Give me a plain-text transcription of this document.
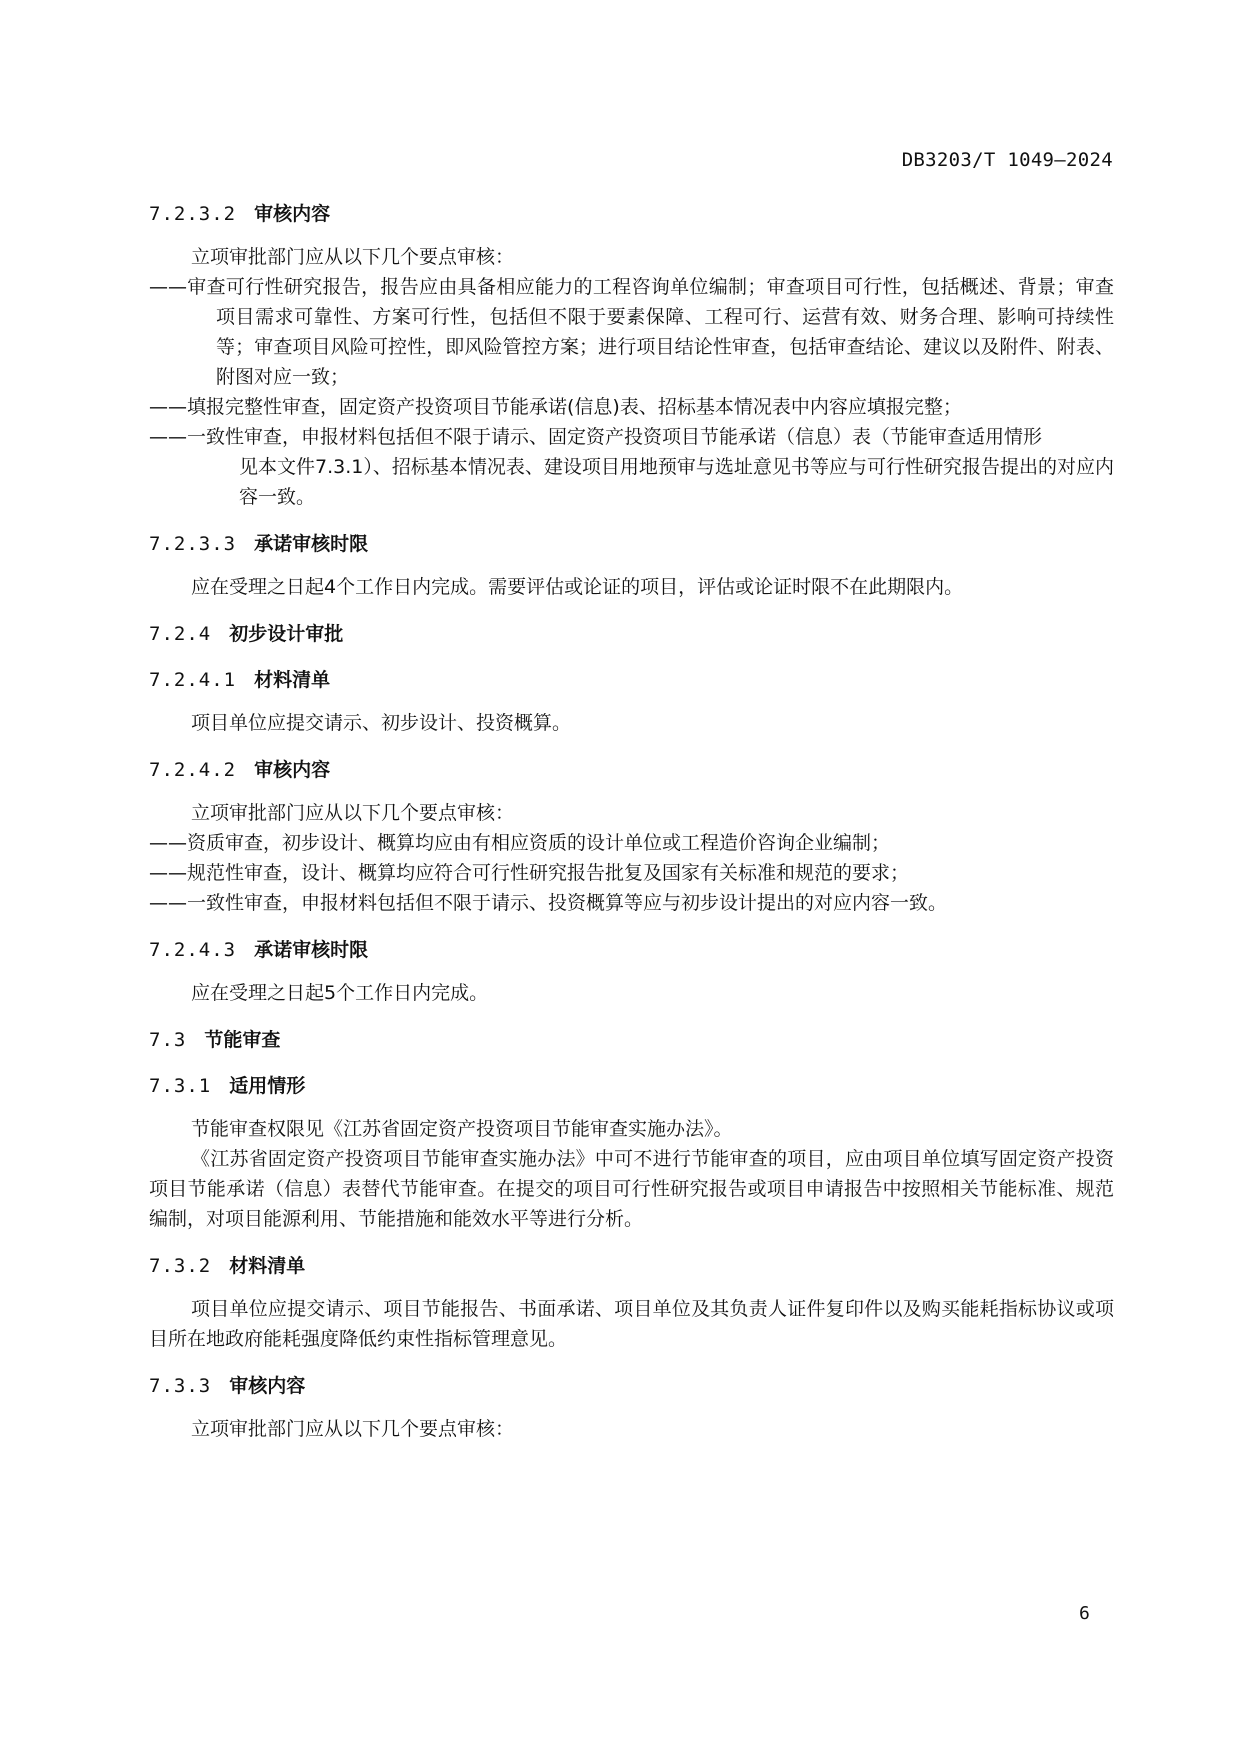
DB3203/T 1049—2024

7.2.3.2 审核内容

立项审批部门应从以下几个要点审核：

——审查可行性研究报告，报告应由具备相应能力的工程咨询单位编制；审查项目可行性，包括概述、背景；审查项目需求可靠性、方案可行性，包括但不限于要素保障、工程可行、运营有效、财务合理、影响可持续性等；审查项目风险可控性，即风险管控方案；进行项目结论性审查，包括审查结论、建议以及附件、附表、附图对应一致；

——填报完整性审查，固定资产投资项目节能承诺(信息)表、招标基本情况表中内容应填报完整；

——一致性审查，申报材料包括但不限于请示、固定资产投资项目节能承诺（信息）表（节能审查适用情形

见本文件7.3.1）、招标基本情况表、建设项目用地预审与选址意见书等应与可行性研究报告提出的对应内容一致。

7.2.3.3 承诺审核时限

应在受理之日起4个工作日内完成。需要评估或论证的项目，评估或论证时限不在此期限内。

7.2.4 初步设计审批

7.2.4.1 材料清单

项目单位应提交请示、初步设计、投资概算。

7.2.4.2 审核内容

立项审批部门应从以下几个要点审核：

——资质审查，初步设计、概算均应由有相应资质的设计单位或工程造价咨询企业编制；

——规范性审查，设计、概算均应符合可行性研究报告批复及国家有关标准和规范的要求；

——一致性审查，申报材料包括但不限于请示、投资概算等应与初步设计提出的对应内容一致。

7.2.4.3 承诺审核时限

应在受理之日起5个工作日内完成。

7.3 节能审查

7.3.1 适用情形

节能审查权限见《江苏省固定资产投资项目节能审查实施办法》。

《江苏省固定资产投资项目节能审查实施办法》中可不进行节能审查的项目，应由项目单位填写固定资产投资项目节能承诺（信息）表替代节能审查。在提交的项目可行性研究报告或项目申请报告中按照相关节能标准、规范编制，对项目能源利用、节能措施和能效水平等进行分析。

7.3.2 材料清单

项目单位应提交请示、项目节能报告、书面承诺、项目单位及其负责人证件复印件以及购买能耗指标协议或项目所在地政府能耗强度降低约束性指标管理意见。

7.3.3 审核内容

立项审批部门应从以下几个要点审核：

6
